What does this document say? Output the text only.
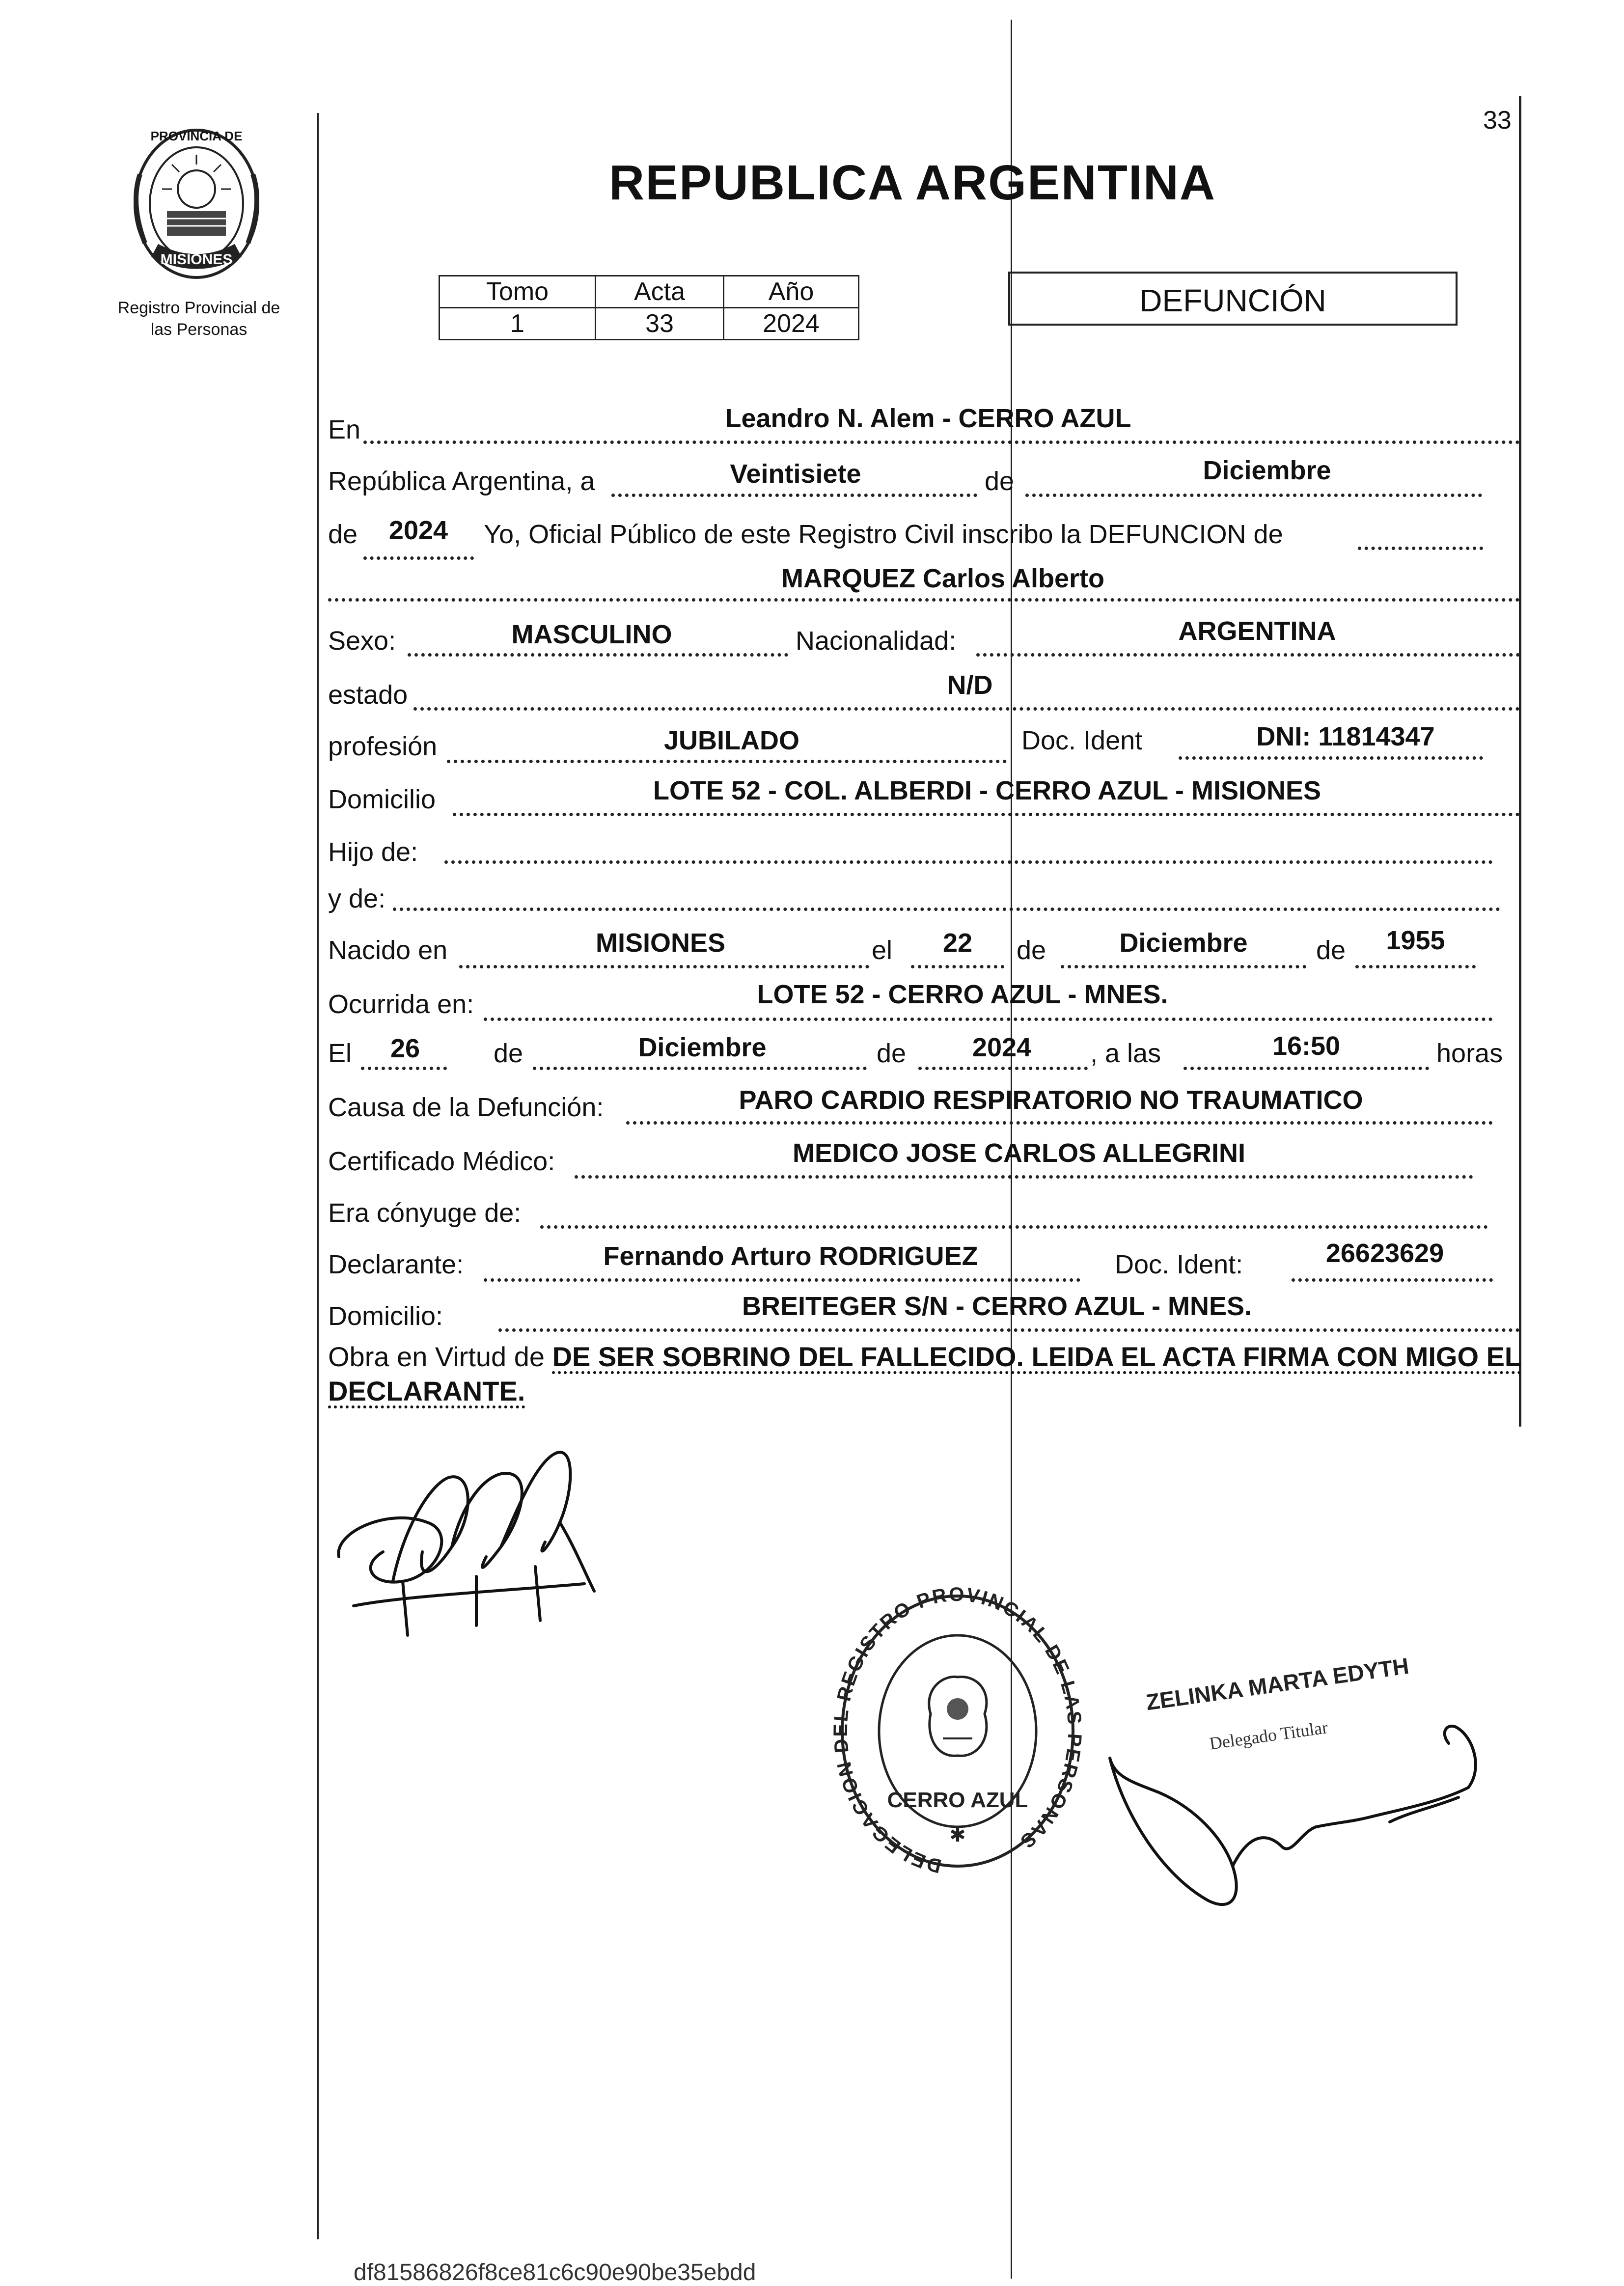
33
PROVINCIA DE
MISIONES
Registro Provincial de
las Personas
REPUBLICA ARGENTINA
Tomo	Acta	Año
1	33	2024
DEFUNCIÓN
En	Leandro N. Alem - CERRO AZUL
República Argentina, a	Veintisiete	de	Diciembre
de	2024	Yo, Oficial Público de este Registro Civil inscribo la DEFUNCION de
MARQUEZ Carlos Alberto
Sexo:	MASCULINO	Nacionalidad:	ARGENTINA
estado	N/D
profesión	JUBILADO	Doc. Ident	DNI: 11814347
Domicilio	LOTE 52 - COL. ALBERDI - CERRO AZUL - MISIONES
Hijo de:
y de:
Nacido en	MISIONES	el	22	de	Diciembre	de	1955
Ocurrida en:	LOTE 52 - CERRO AZUL - MNES.
El	26	de	Diciembre	de	2024	, a las	16:50	horas
Causa de la Defunción:	PARO CARDIO RESPIRATORIO NO TRAUMATICO
Certificado Médico:	MEDICO JOSE CARLOS ALLEGRINI
Era cónyuge de:
Declarante:	Fernando Arturo RODRIGUEZ	Doc. Ident:	26623629
Domicilio:	BREITEGER S/N - CERRO AZUL - MNES.
Obra en Virtud de DE SER SOBRINO DEL FALLECIDO. LEIDA EL ACTA FIRMA CON MIGO EL DECLARANTE.
DELEGACION DEL REGISTRO PROVINCIAL DE LAS PERSONAS
CERRO AZUL
✱
ZELINKA MARTA EDYTH
Delegado Titular
df81586826f8ce81c6c90e90be35ebdd
